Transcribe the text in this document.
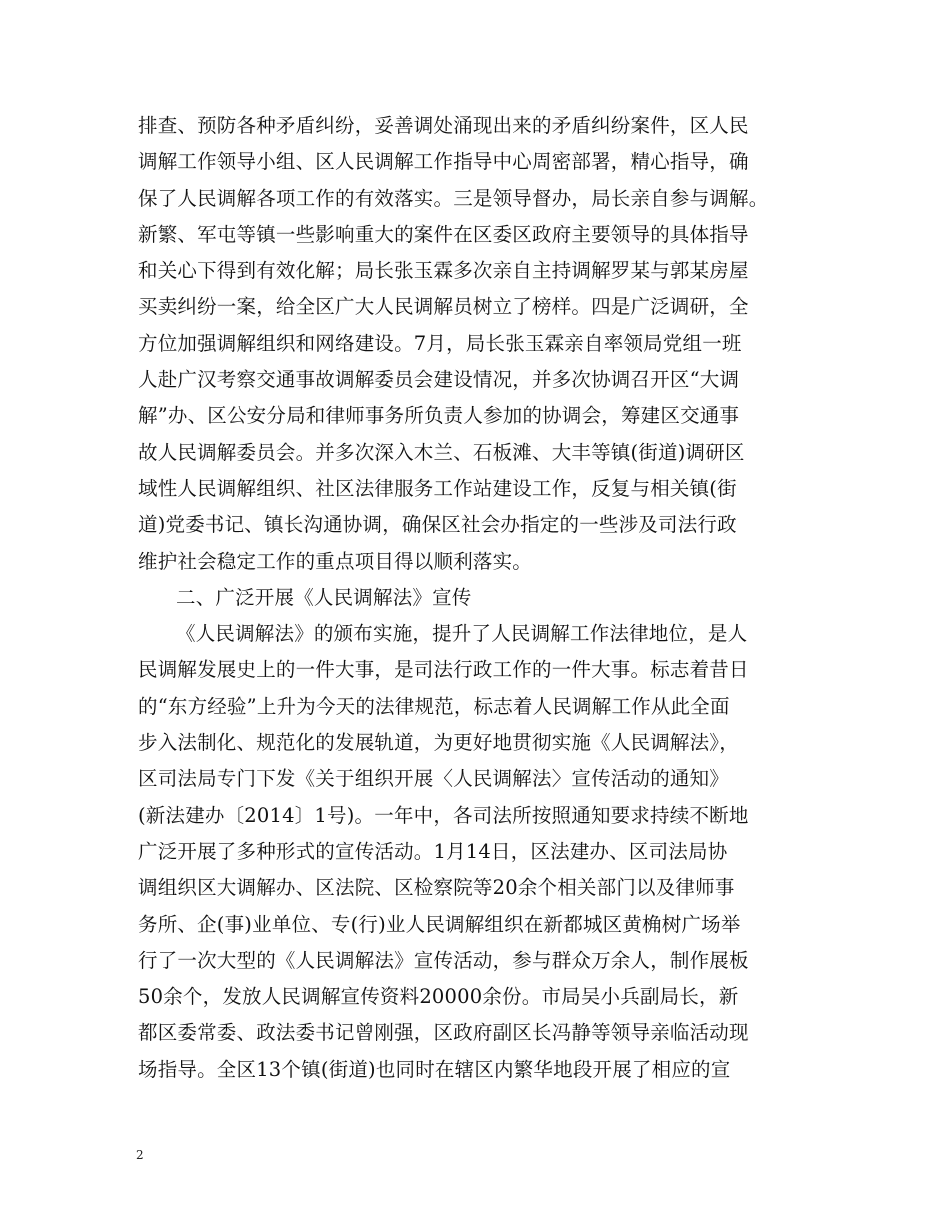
排查、预防各种矛盾纠纷，妥善调处涌现出来的矛盾纠纷案件，区人民
调解工作领导小组、区人民调解工作指导中心周密部署，精心指导，确
保了人民调解各项工作的有效落实。三是领导督办，局长亲自参与调解。
新繁、军屯等镇一些影响重大的案件在区委区政府主要领导的具体指导
和关心下得到有效化解；局长张玉霖多次亲自主持调解罗某与郭某房屋
买卖纠纷一案，给全区广大人民调解员树立了榜样。四是广泛调研，全
方位加强调解组织和网络建设。7月，局长张玉霖亲自率领局党组一班
人赴广汉考察交通事故调解委员会建设情况，并多次协调召开区“大调
解”办、区公安分局和律师事务所负责人参加的协调会，筹建区交通事
故人民调解委员会。并多次深入木兰、石板滩、大丰等镇(街道)调研区
域性人民调解组织、社区法律服务工作站建设工作，反复与相关镇(街
道)党委书记、镇长沟通协调，确保区社会办指定的一些涉及司法行政
维护社会稳定工作的重点项目得以顺利落实。
二、广泛开展《人民调解法》宣传
《人民调解法》的颁布实施，提升了人民调解工作法律地位，是人
民调解发展史上的一件大事，是司法行政工作的一件大事。标志着昔日
的“东方经验”上升为今天的法律规范，标志着人民调解工作从此全面
步入法制化、规范化的发展轨道，为更好地贯彻实施《人民调解法》，
区司法局专门下发《关于组织开展〈人民调解法〉宣传活动的通知》
(新法建办〔2014〕1号)。一年中，各司法所按照通知要求持续不断地
广泛开展了多种形式的宣传活动。1月14日，区法建办、区司法局协
调组织区大调解办、区法院、区检察院等20余个相关部门以及律师事
务所、企(事)业单位、专(行)业人民调解组织在新都城区黄桷树广场举
行了一次大型的《人民调解法》宣传活动，参与群众万余人，制作展板
50余个，发放人民调解宣传资料20000余份。市局吴小兵副局长，新
都区委常委、政法委书记曾刚强，区政府副区长冯静等领导亲临活动现
场指导。全区13个镇(街道)也同时在辖区内繁华地段开展了相应的宣
2
